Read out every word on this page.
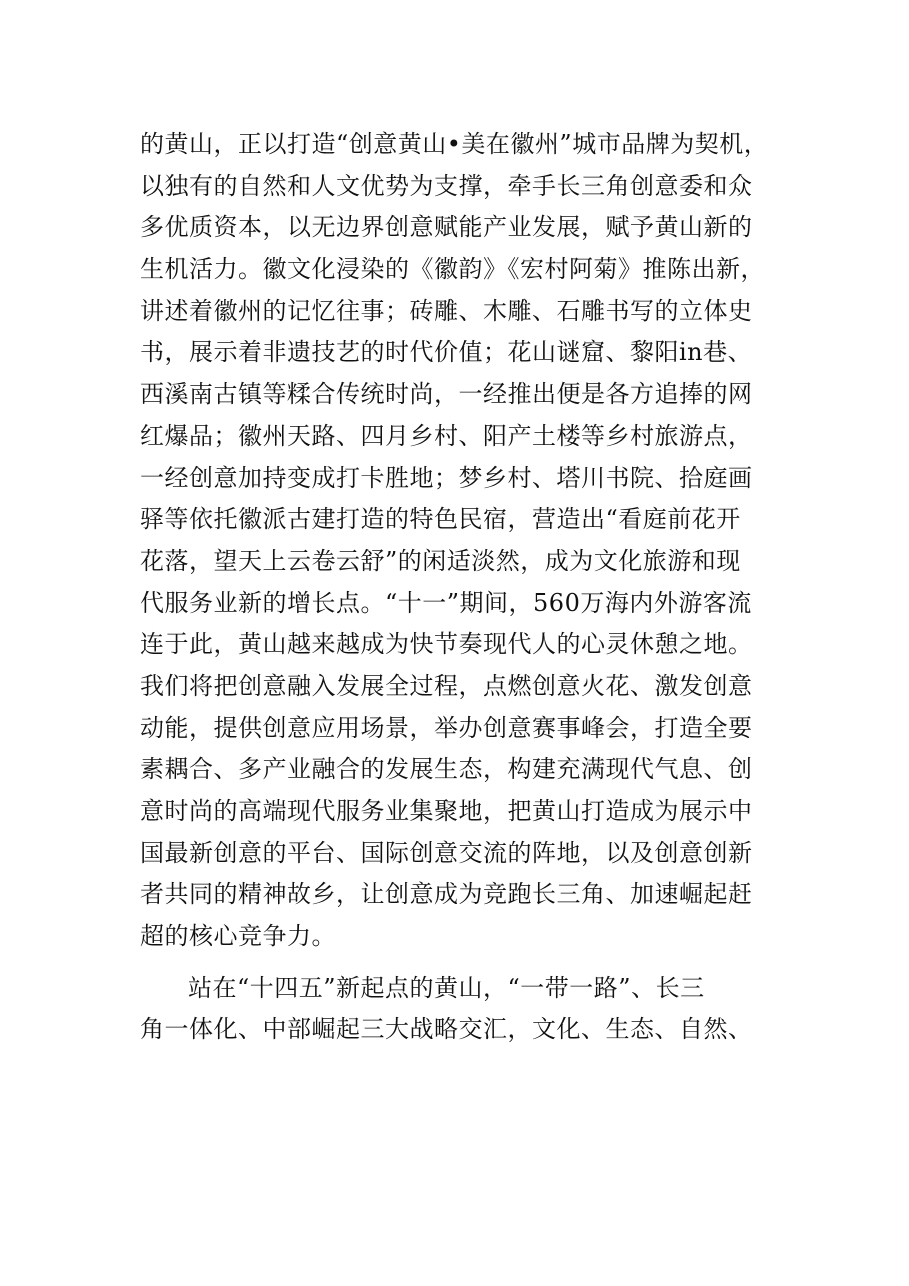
的黄山，正以打造“创意黄山•美在徽州”城市品牌为契机，
以独有的自然和人文优势为支撑，牵手长三角创意委和众
多优质资本，以无边界创意赋能产业发展，赋予黄山新的
生机活力。徽文化浸染的《徽韵》《宏村阿菊》推陈出新，
讲述着徽州的记忆往事；砖雕、木雕、石雕书写的立体史
书，展示着非遗技艺的时代价值；花山谜窟、黎阳in巷、
西溪南古镇等糅合传统时尚，一经推出便是各方追捧的网
红爆品；徽州天路、四月乡村、阳产土楼等乡村旅游点，
一经创意加持变成打卡胜地；梦乡村、塔川书院、拾庭画
驿等依托徽派古建打造的特色民宿，营造出“看庭前花开
花落，望天上云卷云舒”的闲适淡然，成为文化旅游和现
代服务业新的增长点。“十一”期间，560万海内外游客流
连于此，黄山越来越成为快节奏现代人的心灵休憩之地。
我们将把创意融入发展全过程，点燃创意火花、激发创意
动能，提供创意应用场景，举办创意赛事峰会，打造全要
素耦合、多产业融合的发展生态，构建充满现代气息、创
意时尚的高端现代服务业集聚地，把黄山打造成为展示中
国最新创意的平台、国际创意交流的阵地，以及创意创新
者共同的精神故乡，让创意成为竞跑长三角、加速崛起赶
超的核心竞争力。
站在“十四五”新起点的黄山，“一带一路”、长三
角一体化、中部崛起三大战略交汇，文化、生态、自然、
